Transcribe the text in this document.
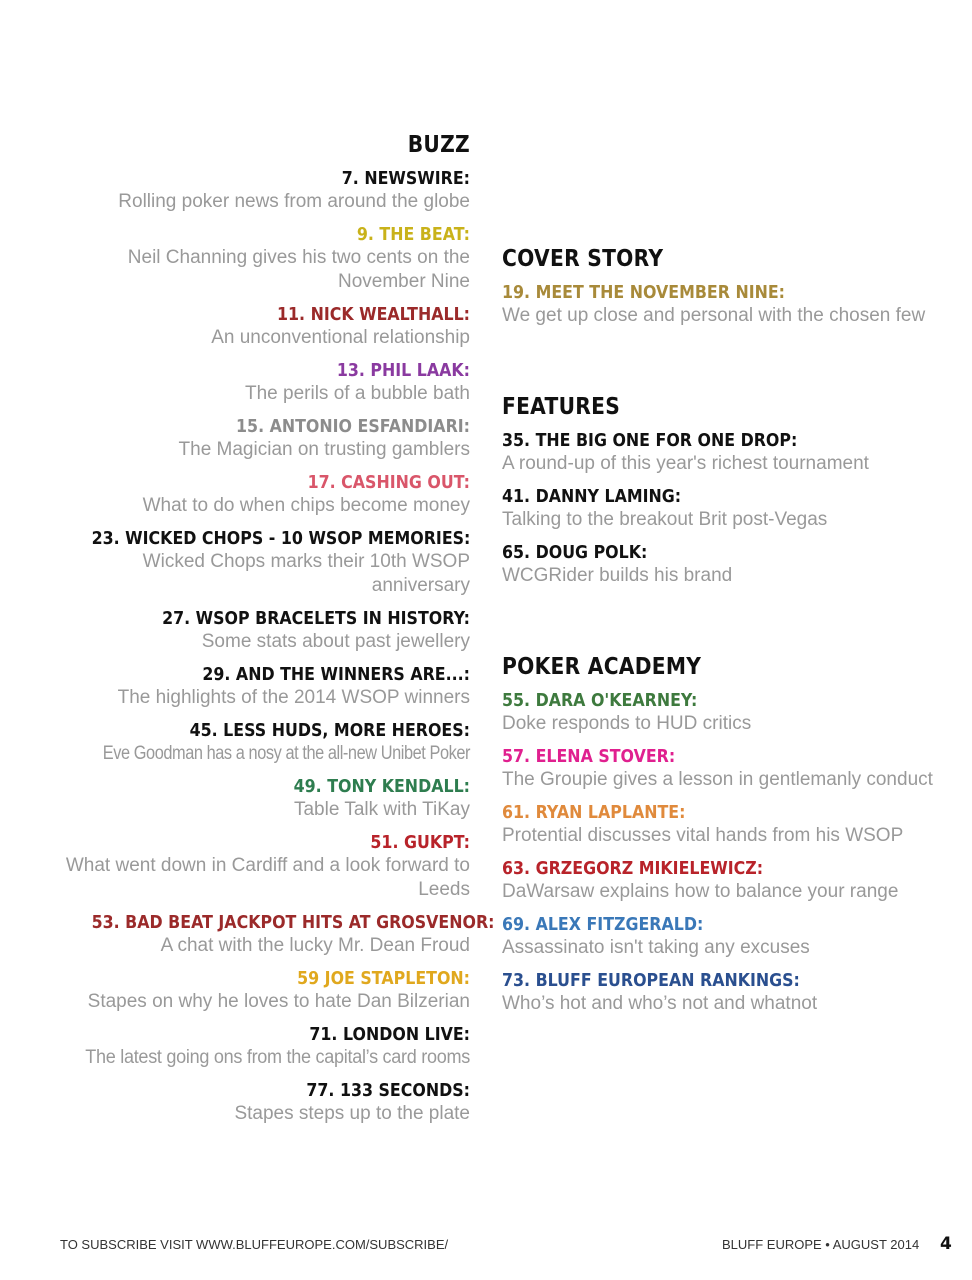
BUZZ
7. NEWSWIRE:
Rolling poker news from around the globe
9. THE BEAT:
Neil Channing gives his two cents on the November Nine
11. NICK WEALTHALL:
An unconventional relationship
13. PHIL LAAK:
The perils of a bubble bath
15. ANTONIO ESFANDIARI:
The Magician on trusting gamblers
17. CASHING OUT:
What to do when chips become money
23. WICKED CHOPS - 10 WSOP MEMORIES:
Wicked Chops marks their 10th WSOP anniversary
27. WSOP BRACELETS IN HISTORY:
Some stats about past jewellery
29. AND THE WINNERS ARE...:
The highlights of the 2014 WSOP winners
45. LESS HUDS, MORE HEROES:
Eve Goodman has a nosy at the all-new Unibet Poker
49. TONY KENDALL:
Table Talk with TiKay
51. GUKPT:
What went down in Cardiff and a look forward to Leeds
53. BAD BEAT JACKPOT HITS AT GROSVENOR:
A chat with the lucky Mr. Dean Froud
59 JOE STAPLETON:
Stapes on why he loves to hate Dan Bilzerian
71. LONDON LIVE:
The latest going ons from the capital’s card rooms
77. 133 SECONDS:
Stapes steps up to the plate
COVER STORY
19. MEET THE NOVEMBER NINE:
We get up close and personal with the chosen few
FEATURES
35. THE BIG ONE FOR ONE DROP:
A round-up of this year's richest tournament
41. DANNY LAMING:
Talking to the breakout Brit post-Vegas
65. DOUG POLK:
WCGRider builds his brand
POKER ACADEMY
55. DARA O'KEARNEY:
Doke responds to HUD critics
57. ELENA STOVER:
The Groupie gives a lesson in gentlemanly conduct
61. RYAN LAPLANTE:
Protential discusses vital hands from his WSOP
63. GRZEGORZ MIKIELEWICZ:
DaWarsaw explains how to balance your range
69. ALEX FITZGERALD:
Assassinato isn't taking any excuses
73. BLUFF EUROPEAN RANKINGS:
Who’s hot and who’s not and whatnot
TO SUBSCRIBE VISIT WWW.BLUFFEUROPE.COM/SUBSCRIBE/	BLUFF EUROPE • AUGUST 2014 4
